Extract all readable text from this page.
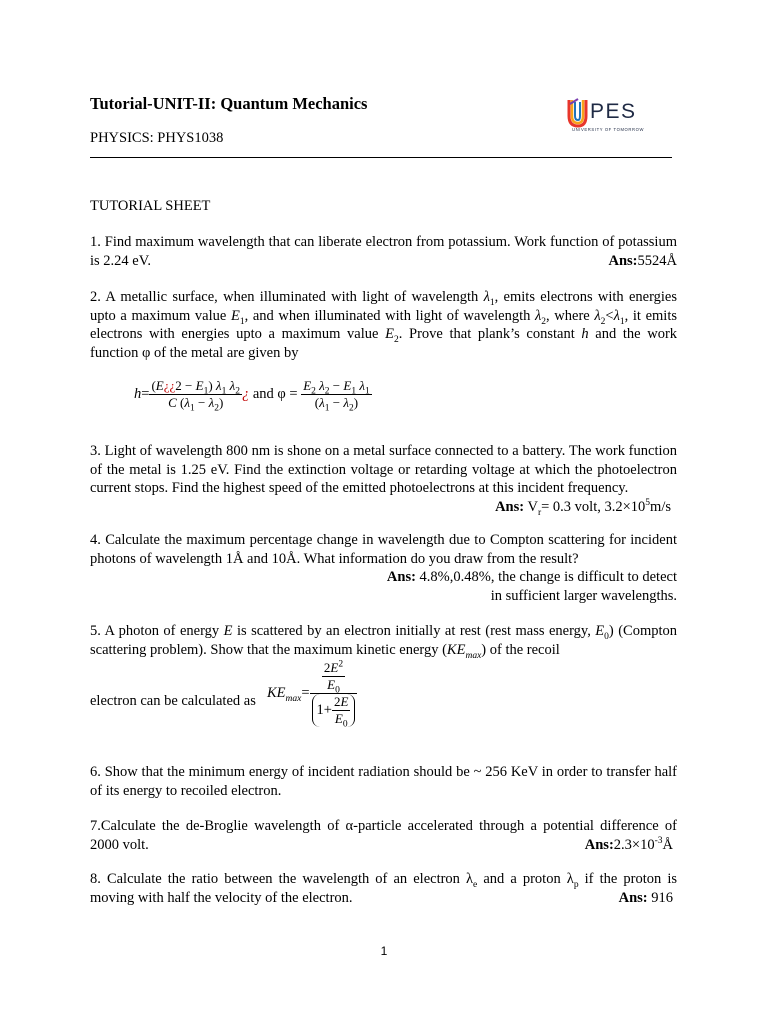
Tutorial-UNIT-II: Quantum Mechanics
PHYSICS: PHYS1038
PES
UNIVERSITY OF TOMORROW
TUTORIAL SHEET
1. Find maximum wavelength that can liberate electron from potassium. Work function of potassium is 2.24 eV.	Ans:5524Å
2. A metallic surface, when illuminated with light of wavelength $\lambda_1$, emits electrons with energies upto a maximum value $E_1$, and when illuminated with light of wavelength $\lambda_2$, where $\lambda_2<\lambda_1$, it emits electrons with energies upto a maximum value $E_2$. Prove that plank’s constant h and the work function φ of the metal are given by
$h= \frac{(E¿¿2 - E_1) \lambda_1 \lambda_2}{C (\lambda_1 - \lambda_2)}$ ¿ and $\varphi = \frac{E_2 \lambda_2 - E_1 \lambda_1}{(\lambda_1 - \lambda_2)}$
3. Light of wavelength 800 nm is shone on a metal surface connected to a battery. The work function of the metal is 1.25 eV. Find the extinction voltage or retarding voltage at which the photoelectron current stops. Find the highest speed of the emitted photoelectrons at this incident frequency.
Ans: $V_r= 0.3$ volt, $3.2\times 10^5m/s$
4. Calculate the maximum percentage change in wavelength due to Compton scattering for incident photons of wavelength 1Å and 10Å. What information do you draw from the result?
Ans: 4.8%,0.48%, the change is difficult to detect
in sufficient larger wavelengths.
5. A photon of energy E is scattered by an electron initially at rest (rest mass energy, $E_0$) (Compton scattering problem). Show that the maximum kinetic energy $(KE_{max})$ of the recoil
electron can be calculated as $KE_{max}= \frac{\frac{2E^2}{E_0}}{1+ \frac{2E}{E_0}}$
6. Show that the minimum energy of incident radiation should be ~ 256 KeV in order to transfer half of its energy to recoiled electron.
7.Calculate the de-Broglie wavelength of α-particle accelerated through a potential difference of 2000 volt.	$Ans:2.3\times 10^{-3}Å$
8. Calculate the ratio between the wavelength of an electron $\lambda_e$ and a proton $\lambda_p$ if the proton is moving with half the velocity of the electron.	Ans: 916
1
